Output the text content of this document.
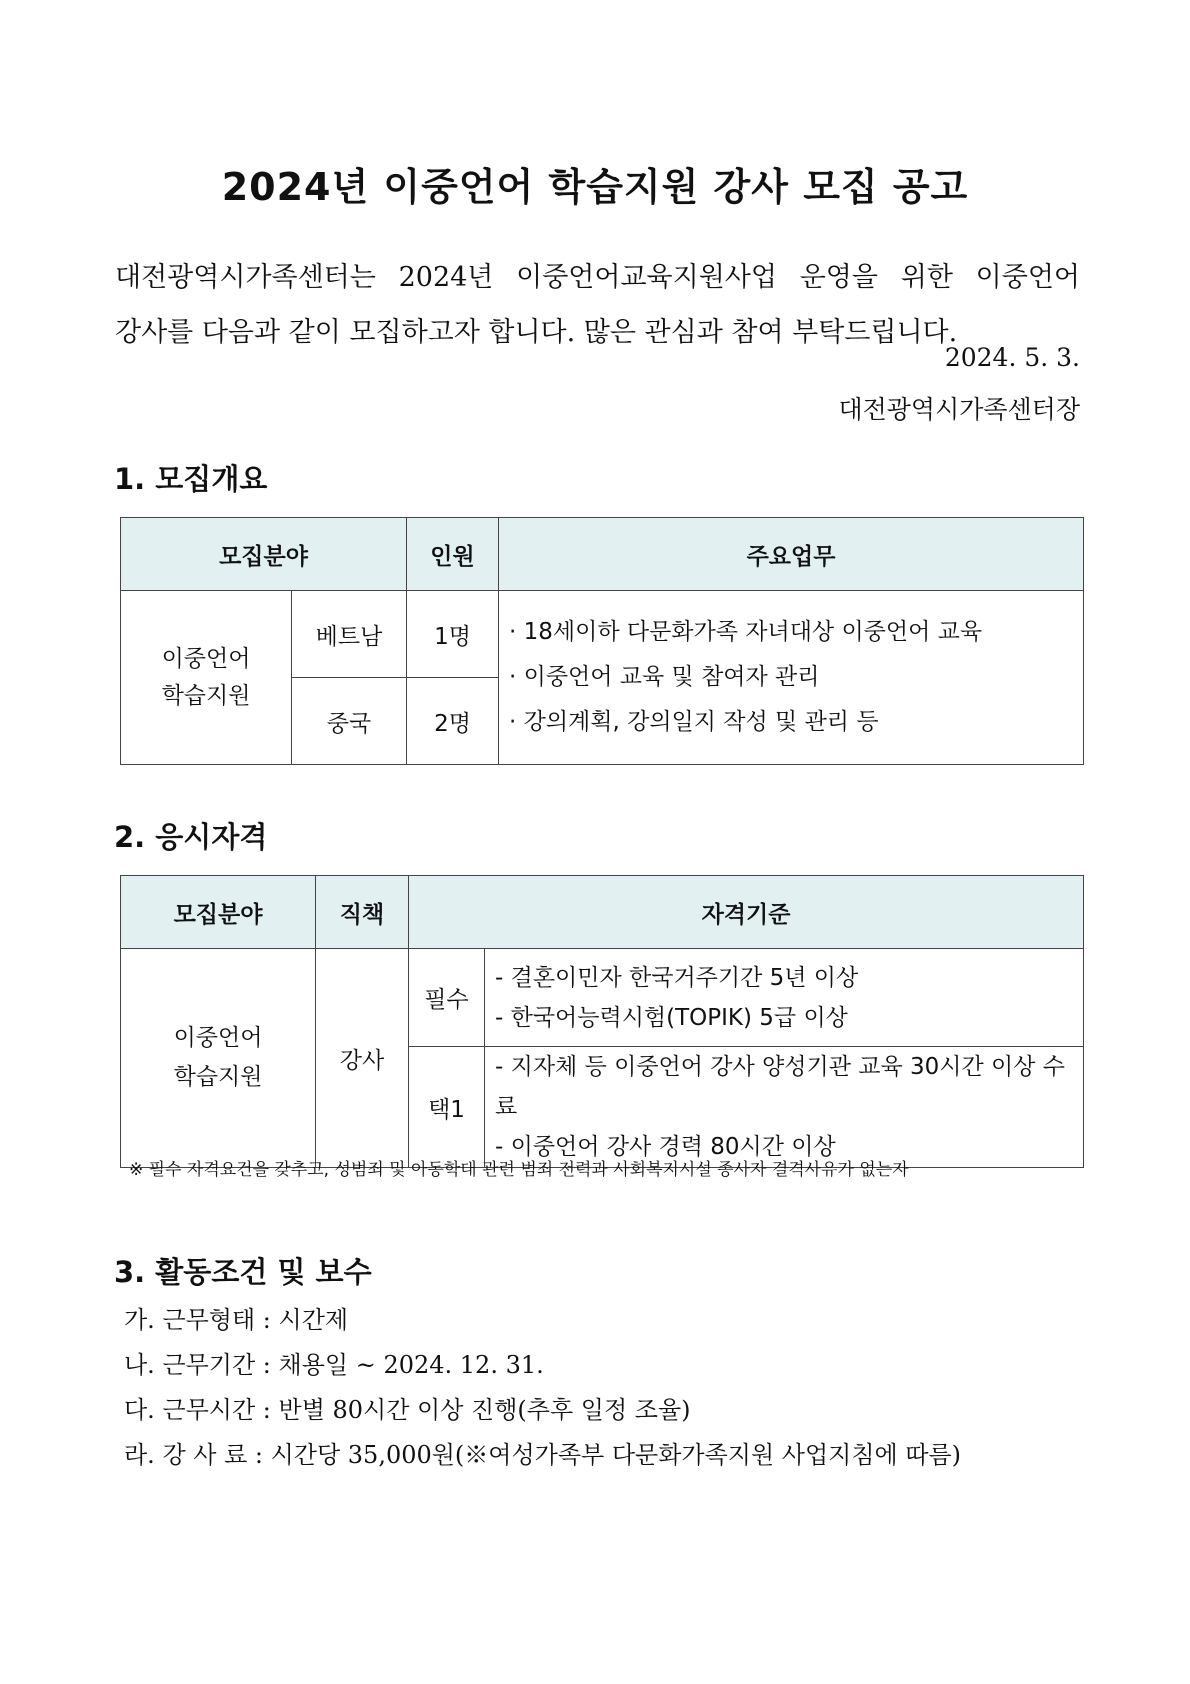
2024년 이중언어 학습지원 강사 모집 공고

대전광역시가족센터는 2024년 이중언어교육지원사업 운영을 위한 이중언어
강사를 다음과 같이 모집하고자 합니다. 많은 관심과 참여 부탁드립니다.

2024. 5. 3.

대전광역시가족센터장

1. 모집개요
모집분야		인원	주요업무

이중언어
학습지원	베트남	1명	· 18세이하 다문화가족 자녀대상 이중언어 교육
· 이중언어 교육 및 참여자 관리
· 강의계획, 강의일지 작성 및 관리 등

	중국	2명	
2. 응시자격
모집분야	직책	자격기준	

이중언어
학습지원	강사	필수	- 결혼이민자 한국거주기간 5년 이상
- 한국어능력시험(TOPIK) 5급 이상

		택1	- 지자체 등 이중언어 강사 양성기관 교육 30시간 이상 수료
- 이중언어 강사 경력 80시간 이상

※ 필수 자격요건을 갖추고, 성범죄 및 아동학대 관련 범죄 전력과 사회복지시설 종사자 결격사유가 없는자

3. 활동조건 및 보수
가. 근무형태 : 시간제
나. 근무기간 : 채용일 ~ 2024. 12. 31.
다. 근무시간 : 반별 80시간 이상 진행(추후 일정 조율)
라. 강 사 료 : 시간당 35,000원(※여성가족부 다문화가족지원 사업지침에 따름)
